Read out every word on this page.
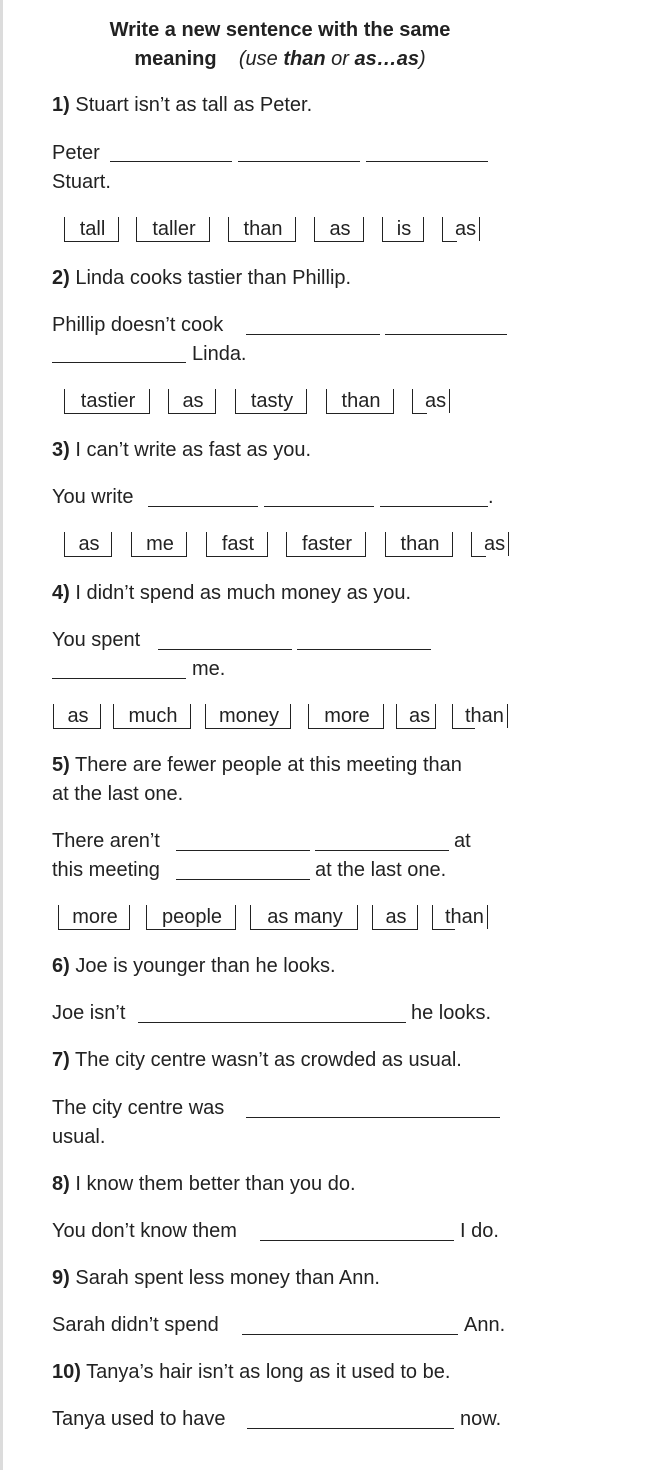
Write a new sentence with the same
meaning (use than or as…as)
1) Stuart isn’t as tall as Peter.
Peter
Stuart.
tall	taller	than	as	is	as
2) Linda cooks tastier than Phillip.
Phillip doesn’t cook
Linda.
tastier	as	tasty	than	as
3) I can’t write as fast as you.
You write	.
as	me	fast	faster	than	as
4) I didn’t spend as much money as you.
You spent
me.
as	much	money	more	as	than
5) There are fewer people at this meeting than
at the last one.
There aren’t	at
this meeting	at the last one.
more	people	as many	as	than
6) Joe is younger than he looks.
Joe isn’t	he looks.
7) The city centre wasn’t as crowded as usual.
The city centre was
usual.
8) I know them better than you do.
You don’t know them	I do.
9) Sarah spent less money than Ann.
Sarah didn’t spend	Ann.
10) Tanya’s hair isn’t as long as it used to be.
Tanya used to have	now.
